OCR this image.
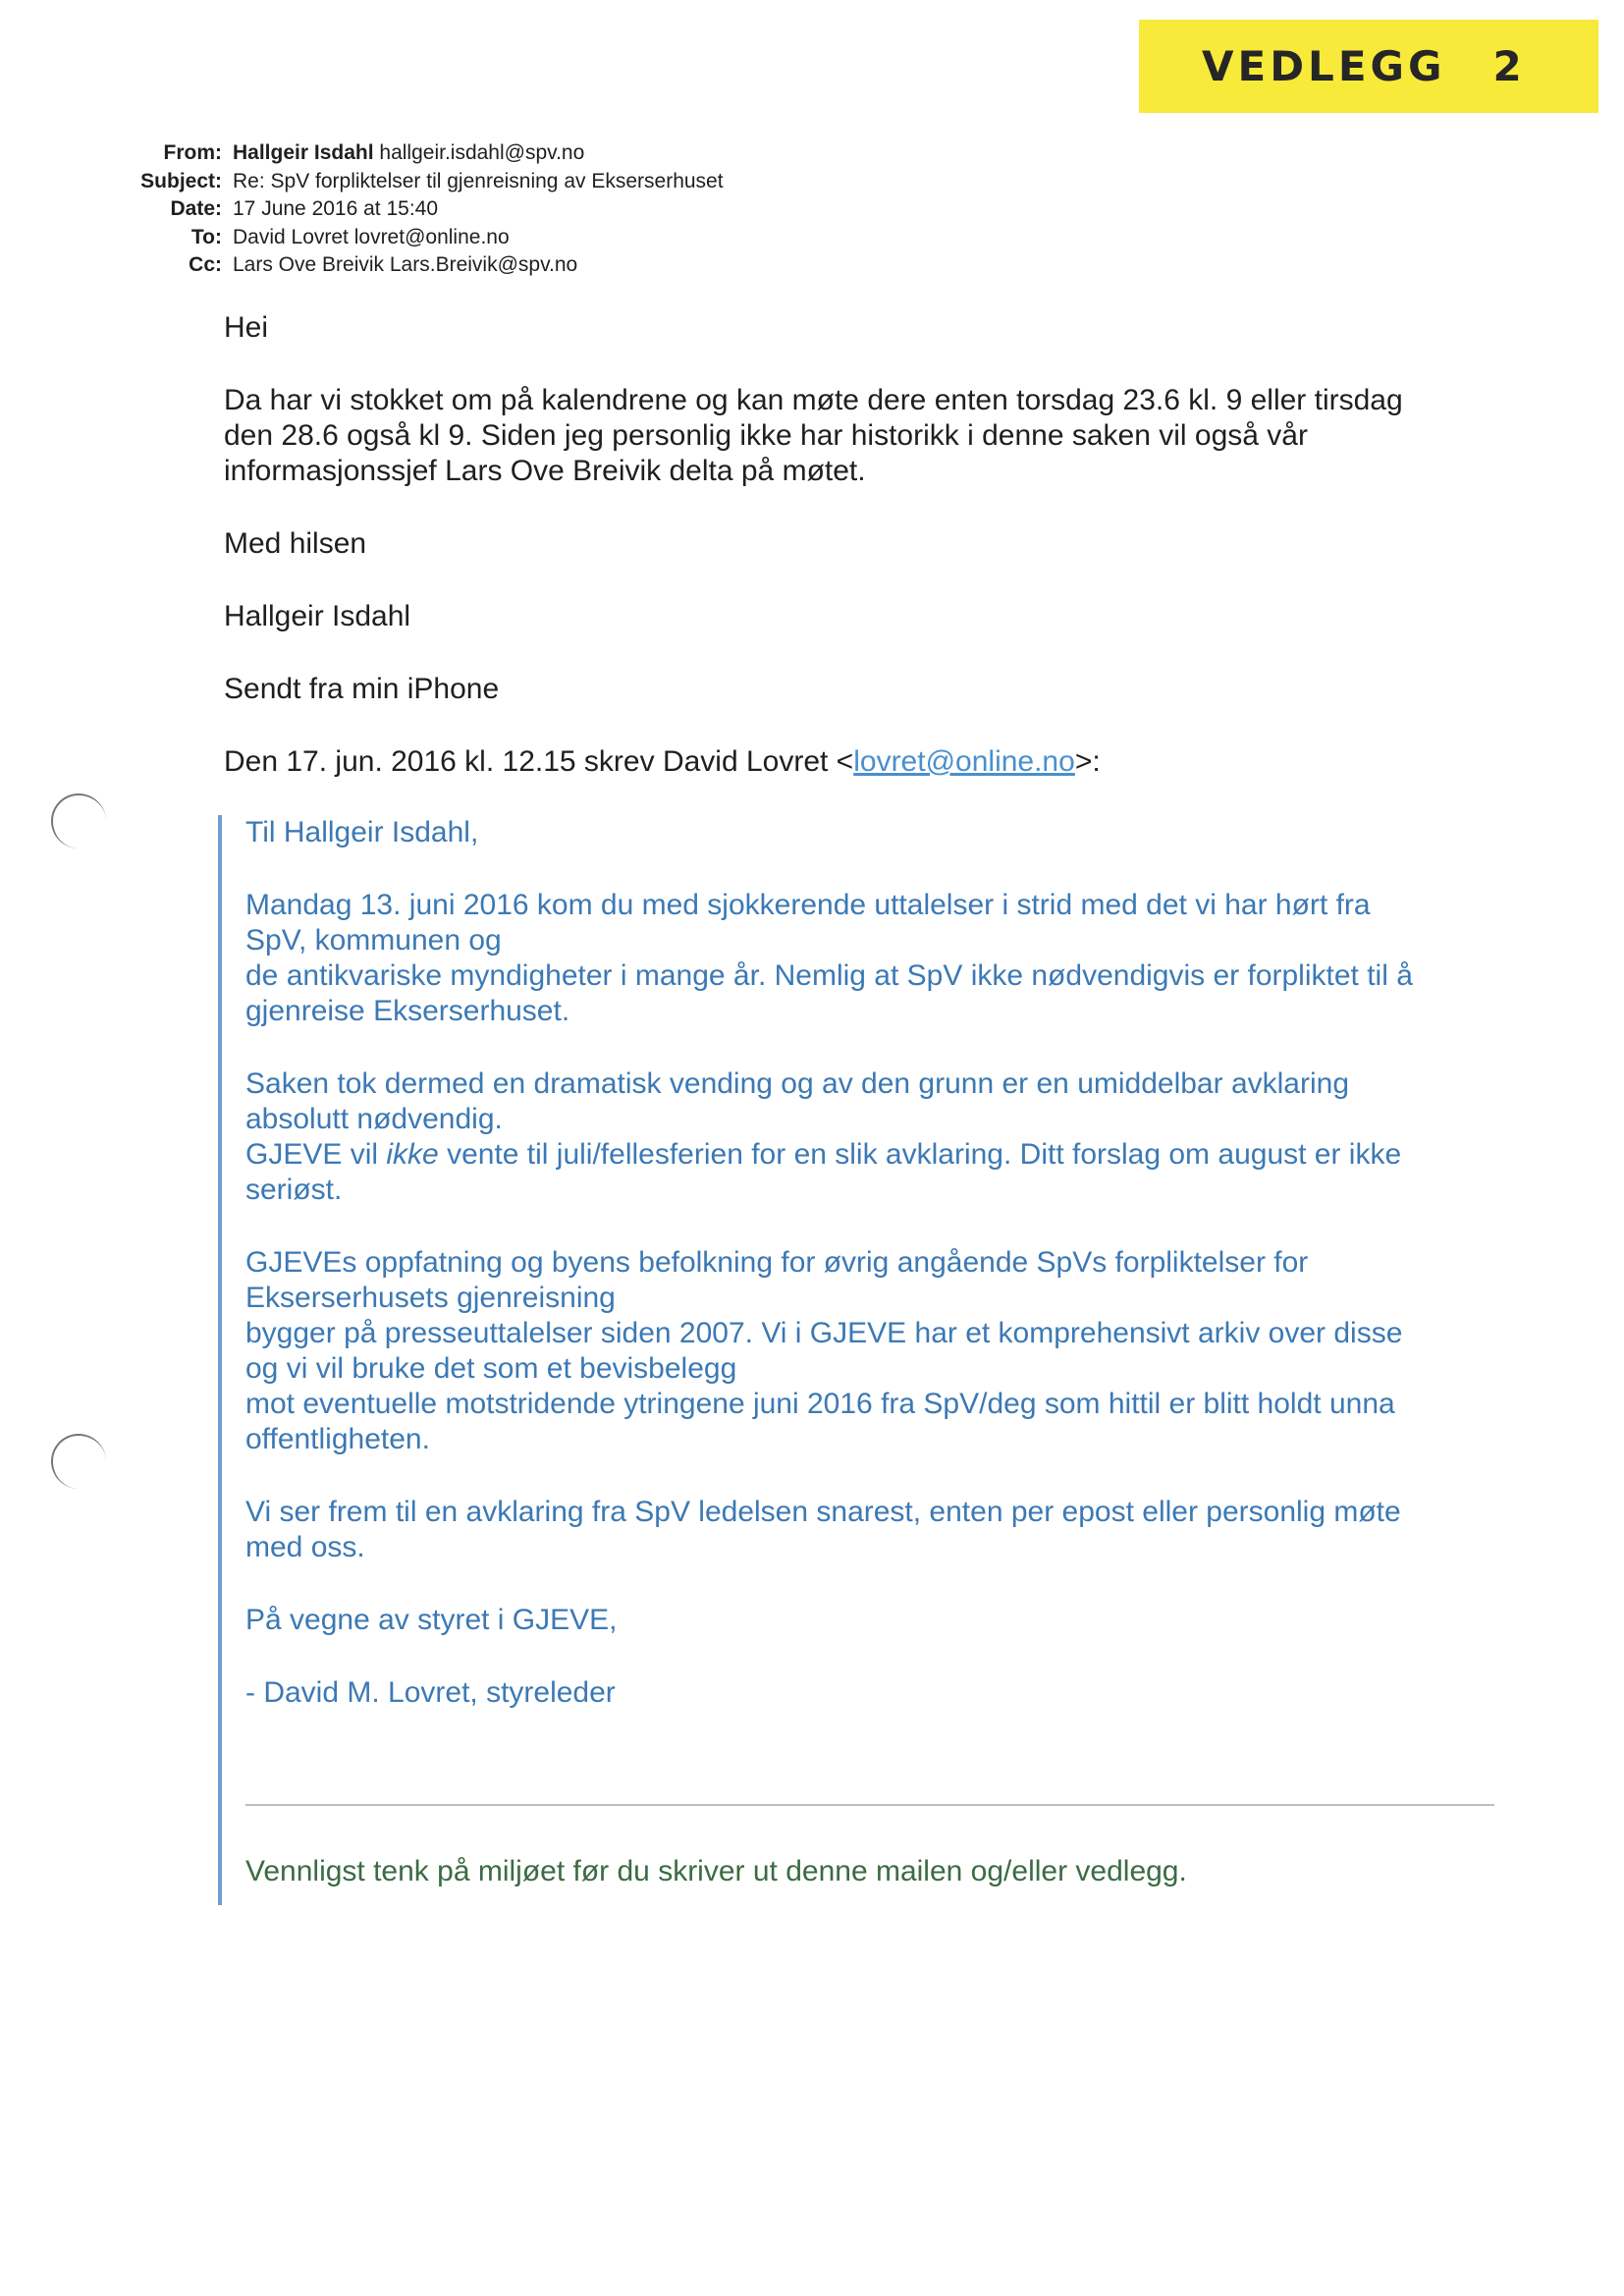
VEDLEGG 2
From: Hallgeir Isdahl hallgeir.isdahl@spv.no
Subject: Re: SpV forpliktelser til gjenreisning av Ekserserhuset
Date: 17 June 2016 at 15:40
To: David Lovret lovret@online.no
Cc: Lars Ove Breivik Lars.Breivik@spv.no

Hei

Da har vi stokket om på kalendrene og kan møte dere enten torsdag 23.6 kl. 9 eller tirsdag
den 28.6 også kl 9. Siden jeg personlig ikke har historikk i denne saken vil også vår
informasjonssjef Lars Ove Breivik delta på møtet.

Med hilsen

Hallgeir Isdahl

Sendt fra min iPhone

Den 17. jun. 2016 kl. 12.15 skrev David Lovret <lovret@online.no>:

Til Hallgeir Isdahl,

Mandag 13. juni 2016 kom du med sjokkerende uttalelser i strid med det vi har hørt fra
SpV, kommunen og
de antikvariske myndigheter i mange år. Nemlig at SpV ikke nødvendigvis er forpliktet til å
gjenreise Ekserserhuset.

Saken tok dermed en dramatisk vending og av den grunn er en umiddelbar avklaring
absolutt nødvendig.
GJEVE vil ikke vente til juli/fellesferien for en slik avklaring. Ditt forslag om august er ikke
seriøst.

GJEVEs oppfatning og byens befolkning for øvrig angående SpVs forpliktelser for
Ekserserhusets gjenreisning
bygger på presseuttalelser siden 2007. Vi i GJEVE har et komprehensivt arkiv over disse
og vi vil bruke det som et bevisbelegg
mot eventuelle motstridende ytringene juni 2016 fra SpV/deg som hittil er blitt holdt unna
offentligheten.

Vi ser frem til en avklaring fra SpV ledelsen snarest, enten per epost eller personlig møte
med oss.

På vegne av styret i GJEVE,

- David M. Lovret, styreleder

Vennligst tenk på miljøet før du skriver ut denne mailen og/eller vedlegg.
